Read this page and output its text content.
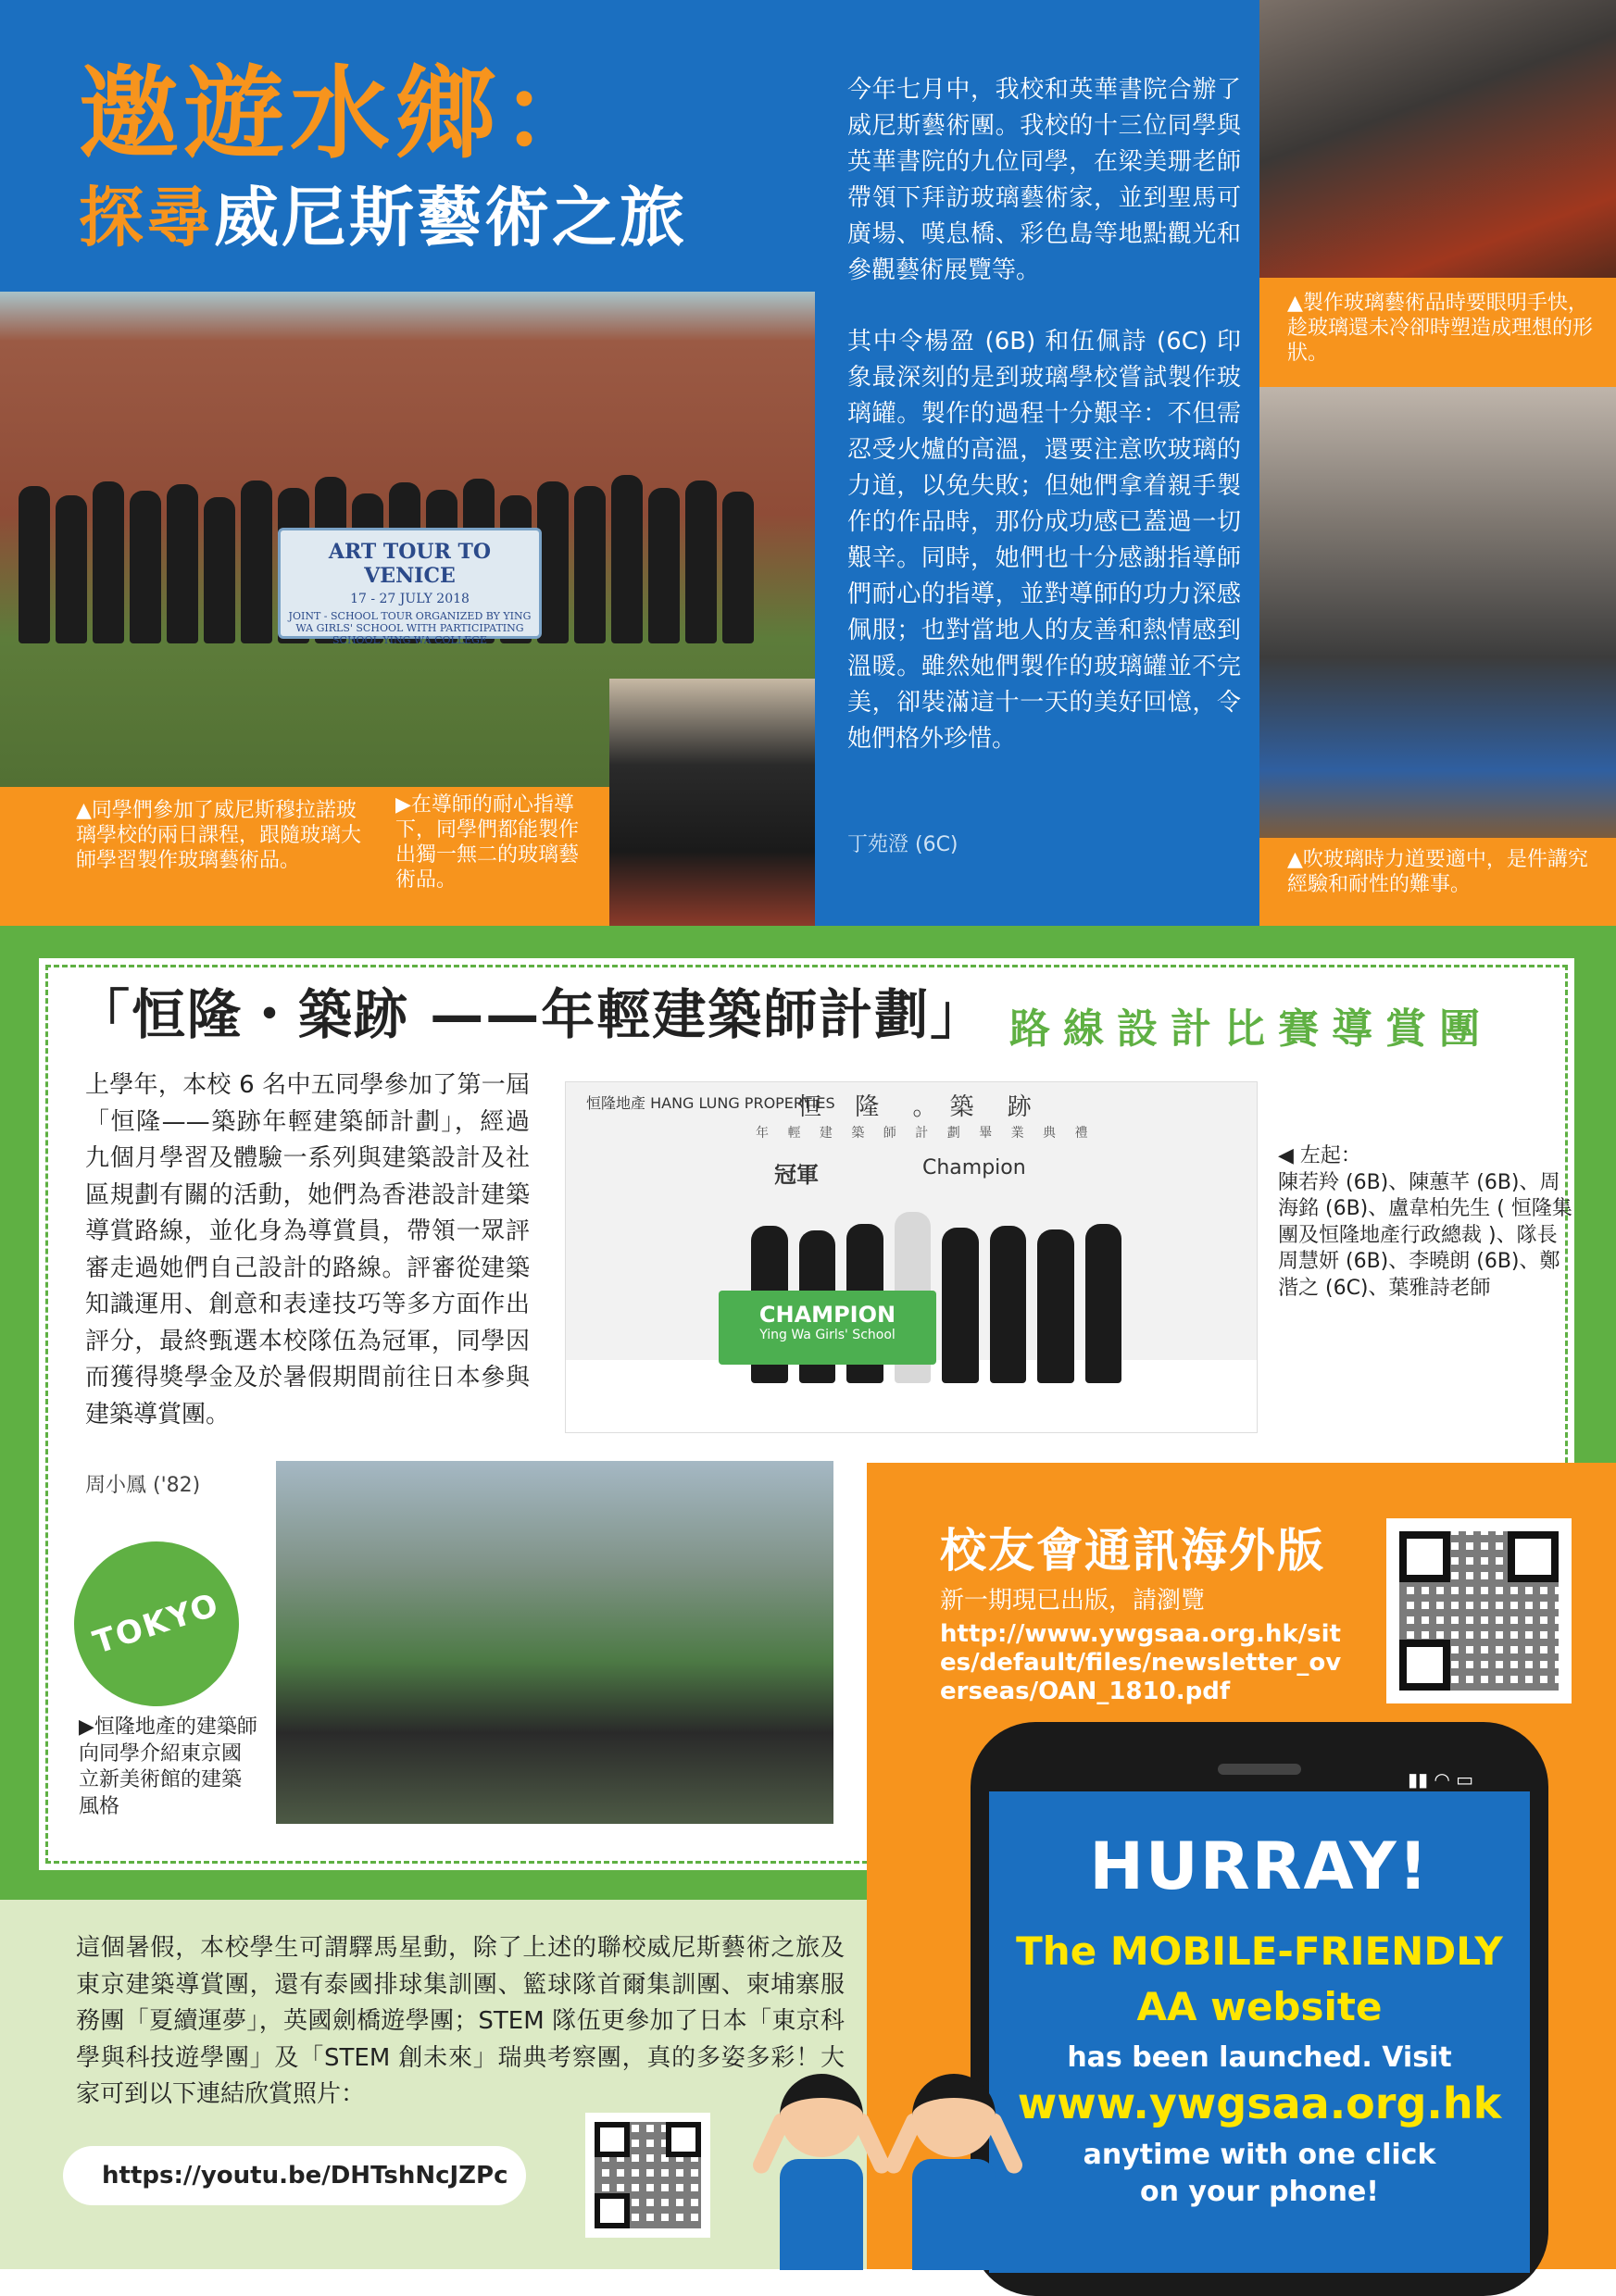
邀遊水鄉：
探尋威尼斯藝術之旅
ART TOUR TO VENICE
17 - 27 JULY 2018
JOINT - SCHOOL TOUR ORGANIZED BY YING WA GIRLS' SCHOOL WITH PARTICIPATING SCHOOL YING WA COLLEGE
▲同學們參加了威尼斯穆拉諾玻璃學校的兩日課程，跟隨玻璃大師學習製作玻璃藝術品。
▶在導師的耐心指導下，同學們都能製作出獨一無二的玻璃藝術品。

今年七月中，我校和英華書院合辦了威尼斯藝術團。我校的十三位同學與英華書院的九位同學，在梁美珊老師帶領下拜訪玻璃藝術家，並到聖馬可廣場、嘆息橋、彩色島等地點觀光和參觀藝術展覽等。

其中令楊盈 (6B) 和伍佩詩 (6C) 印象最深刻的是到玻璃學校嘗試製作玻璃罐。製作的過程十分艱辛：不但需忍受火爐的高溫，還要注意吹玻璃的力道，以免失敗；但她們拿着親手製作的作品時，那份成功感已蓋過一切艱辛。同時，她們也十分感謝指導師們耐心的指導，並對導師的功力深感佩服；也對當地人的友善和熱情感到溫暖。雖然她們製作的玻璃罐並不完美，卻裝滿這十一天的美好回憶，令她們格外珍惜。

丁苑澄 (6C)
▲製作玻璃藝術品時要眼明手快，趁玻璃還未冷卻時塑造成理想的形狀。
▲吹玻璃時力道要適中，是件講究經驗和耐性的難事。
「恒隆・築跡 ——年輕建築師計劃」 路線設計比賽導賞團
上學年，本校 6 名中五同學參加了第一屆「恒隆——築跡年輕建築師計劃」，經過九個月學習及體驗一系列與建築設計及社區規劃有關的活動，她們為香港設計建築導賞路線，並化身為導賞員，帶領一眾評審走過她們自己設計的路線。評審從建築知識運用、創意和表達技巧等多方面作出評分，最終甄選本校隊伍為冠軍，同學因而獲得獎學金及於暑假期間前往日本參與建築導賞團。
周小鳳 ('82)
恒隆地產 HANG LUNG PROPERTIES
恒 隆 。築 跡
年 輕 建 築 師 計 劃 畢 業 典 禮
冠軍	Champion
CHAMPION
Ying Wa Girls' School
◀ 左起：
陳若羚 (6B)、陳蕙芊 (6B)、周海銘 (6B)、盧韋柏先生 ( 恒隆集團及恒隆地產行政總裁 )、隊長周慧妍 (6B)、李曉朗 (6B)、鄭湝之 (6C)、葉雅詩老師
TOKYO
▶恒隆地產的建築師向同學介紹東京國立新美術館的建築風格
校友會通訊海外版
新一期現已出版，請瀏覽
http://www.ywgsaa.org.hk/sites/default/files/newsletter_overseas/OAN_1810.pdf
這個暑假，本校學生可謂驛馬星動，除了上述的聯校威尼斯藝術之旅及東京建築導賞團，還有泰國排球集訓團、籃球隊首爾集訓團、柬埔寨服務團「夏續運夢」，英國劍橋遊學團；STEM 隊伍更參加了日本「東京科學與科技遊學團」及「STEM 創未來」瑞典考察團，真的多姿多彩！大家可到以下連結欣賞照片：
https://youtu.be/DHTshNcJZPc
▮▮ ◠ ▭
HURRAY!
The MOBILE-FRIENDLY
AA website
has been launched. Visit
www.ywgsaa.org.hk
anytime with one click
on your phone!
